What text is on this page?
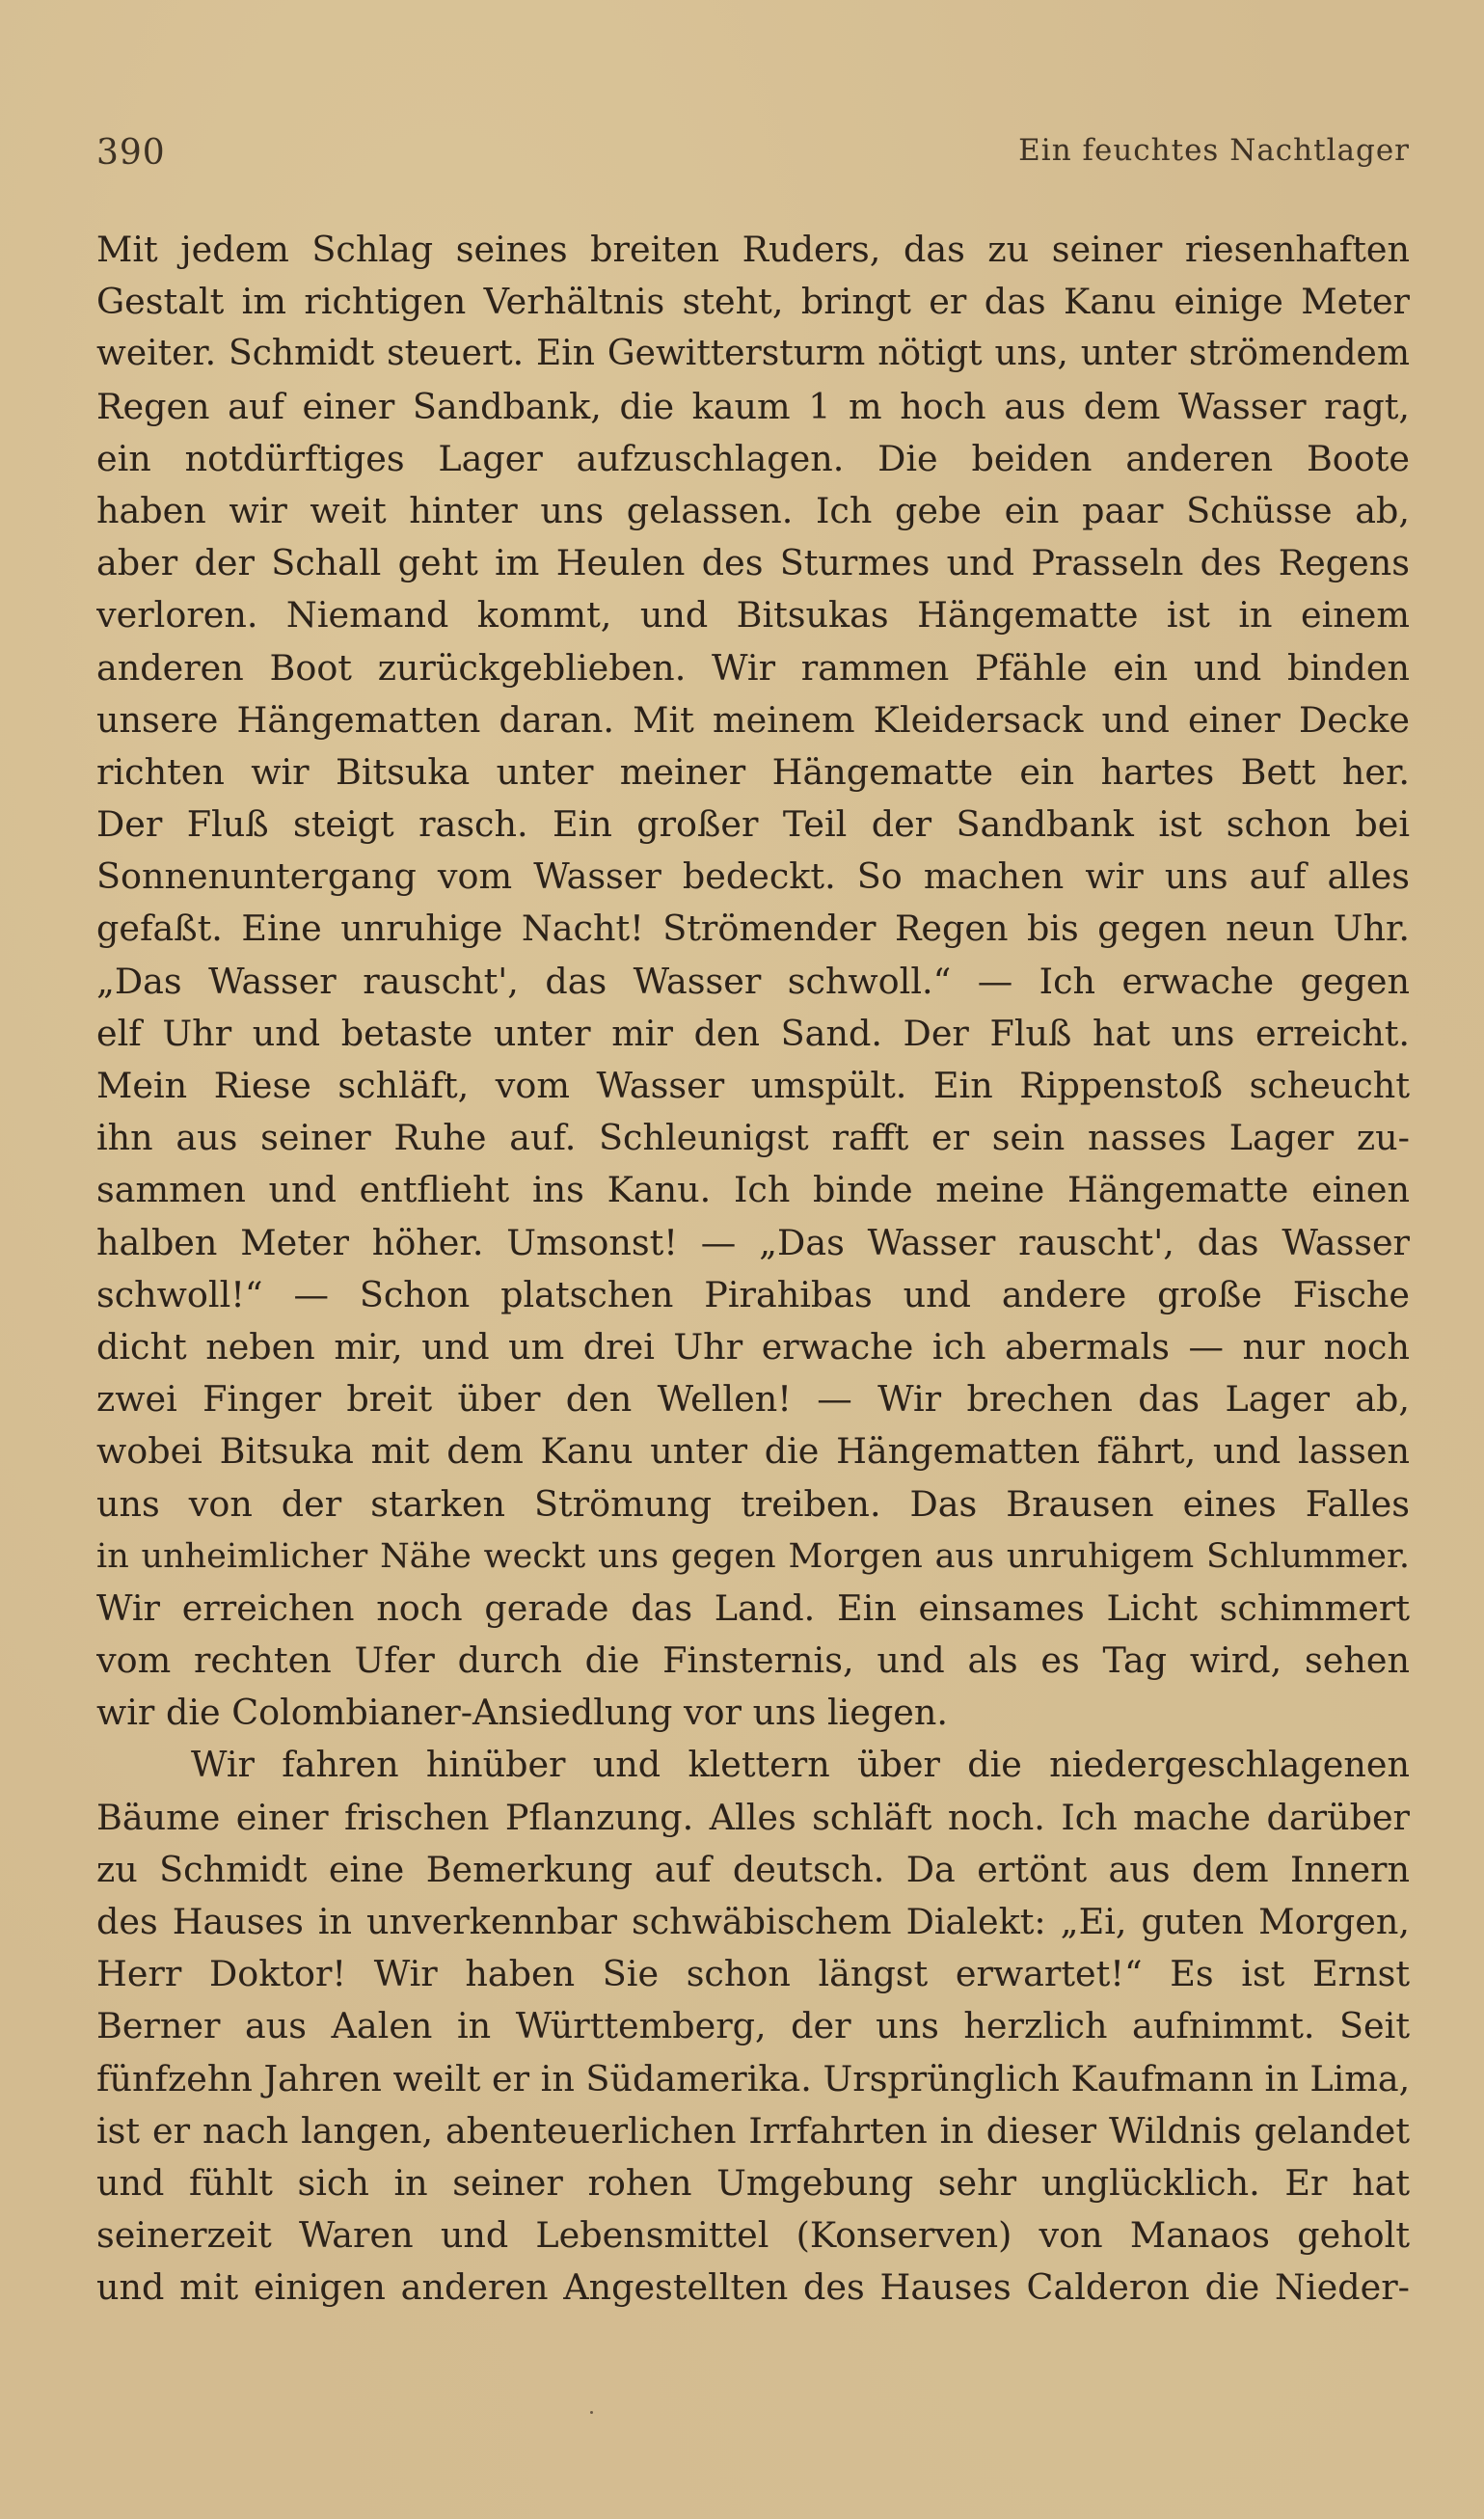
390	Ein feuchtes Nachtlager
Mit jedem Schlag seines breiten Ruders, das zu seiner riesenhaften
Gestalt im richtigen Verhältnis steht, bringt er das Kanu einige Meter
weiter. Schmidt steuert. Ein Gewittersturm nötigt uns, unter strömendem
Regen auf einer Sandbank, die kaum 1 m hoch aus dem Wasser ragt,
ein notdürftiges Lager aufzuschlagen. Die beiden anderen Boote
haben wir weit hinter uns gelassen. Ich gebe ein paar Schüsse ab,
aber der Schall geht im Heulen des Sturmes und Prasseln des Regens
verloren. Niemand kommt, und Bitsukas Hängematte ist in einem
anderen Boot zurückgeblieben. Wir rammen Pfähle ein und binden
unsere Hängematten daran. Mit meinem Kleidersack und einer Decke
richten wir Bitsuka unter meiner Hängematte ein hartes Bett her.
Der Fluß steigt rasch. Ein großer Teil der Sandbank ist schon bei
Sonnenuntergang vom Wasser bedeckt. So machen wir uns auf alles
gefaßt. Eine unruhige Nacht! Strömender Regen bis gegen neun Uhr.
„Das Wasser rauscht', das Wasser schwoll.“ — Ich erwache gegen
elf Uhr und betaste unter mir den Sand. Der Fluß hat uns erreicht.
Mein Riese schläft, vom Wasser umspült. Ein Rippenstoß scheucht
ihn aus seiner Ruhe auf. Schleunigst rafft er sein nasses Lager zu-
sammen und entflieht ins Kanu. Ich binde meine Hängematte einen
halben Meter höher. Umsonst! — „Das Wasser rauscht', das Wasser
schwoll!“ — Schon platschen Pirahibas und andere große Fische
dicht neben mir, und um drei Uhr erwache ich abermals — nur noch
zwei Finger breit über den Wellen! — Wir brechen das Lager ab,
wobei Bitsuka mit dem Kanu unter die Hängematten fährt, und lassen
uns von der starken Strömung treiben. Das Brausen eines Falles
in unheimlicher Nähe weckt uns gegen Morgen aus unruhigem Schlummer.
Wir erreichen noch gerade das Land. Ein einsames Licht schimmert
vom rechten Ufer durch die Finsternis, und als es Tag wird, sehen
wir die Colombianer-Ansiedlung vor uns liegen.
Wir fahren hinüber und klettern über die niedergeschlagenen
Bäume einer frischen Pflanzung. Alles schläft noch. Ich mache darüber
zu Schmidt eine Bemerkung auf deutsch. Da ertönt aus dem Innern
des Hauses in unverkennbar schwäbischem Dialekt: „Ei, guten Morgen,
Herr Doktor! Wir haben Sie schon längst erwartet!“ Es ist Ernst
Berner aus Aalen in Württemberg, der uns herzlich aufnimmt. Seit
fünfzehn Jahren weilt er in Südamerika. Ursprünglich Kaufmann in Lima,
ist er nach langen, abenteuerlichen Irrfahrten in dieser Wildnis gelandet
und fühlt sich in seiner rohen Umgebung sehr unglücklich. Er hat
seinerzeit Waren und Lebensmittel (Konserven) von Manaos geholt
und mit einigen anderen Angestellten des Hauses Calderon die Nieder-
